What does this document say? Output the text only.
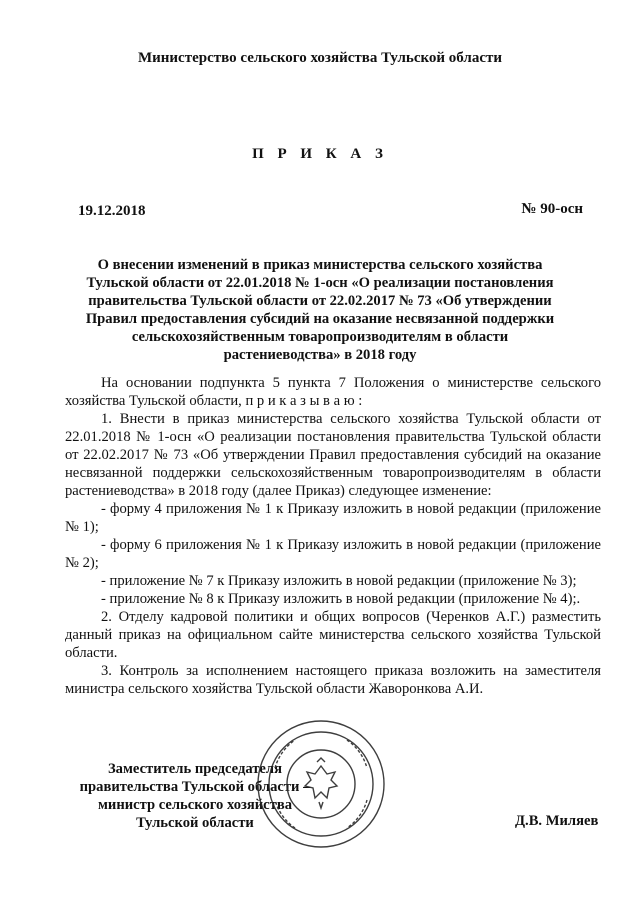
Министерство сельского хозяйства Тульской области
П Р И К А З
19.12.2018	№ 90-осн
О внесении изменений в приказ министерства сельского хозяйства
Тульской области от 22.01.2018 № 1-осн «О реализации постановления
правительства Тульской области от 22.02.2017 № 73 «Об утверждении
Правил предоставления субсидий на оказание несвязанной поддержки
сельскохозяйственным товаропроизводителям в области
растениеводства» в 2018 году

На основании подпункта 5 пункта 7 Положения о министерстве сельского хозяйства Тульской области, п р и к а з ы в а ю :

1. Внести в приказ министерства сельского хозяйства Тульской области от 22.01.2018 № 1-осн «О реализации постановления правительства Тульской области от 22.02.2017 № 73 «Об утверждении Правил предоставления субсидий на оказание несвязанной поддержки сельскохозяйственным товаропроизводителям в области растениеводства» в 2018 году (далее Приказ) следующее изменение:

- форму 4 приложения № 1 к Приказу изложить в новой редакции (приложение № 1);

- форму 6 приложения № 1 к Приказу изложить в новой редакции (приложение № 2);

- приложение № 7 к Приказу изложить в новой редакции (приложение № 3);

- приложение № 8 к Приказу изложить в новой редакции (приложение № 4);.

2. Отделу кадровой политики и общих вопросов (Черенков А.Г.) разместить данный приказ на официальном сайте министерства сельского хозяйства Тульской области.

3. Контроль за исполнением настоящего приказа возложить на заместителя министра сельского хозяйства Тульской области Жаворонкова А.И.

Заместитель председателя
правительства Тульской области –
министр сельского хозяйства
Тульской области	Д.В. Миляев
